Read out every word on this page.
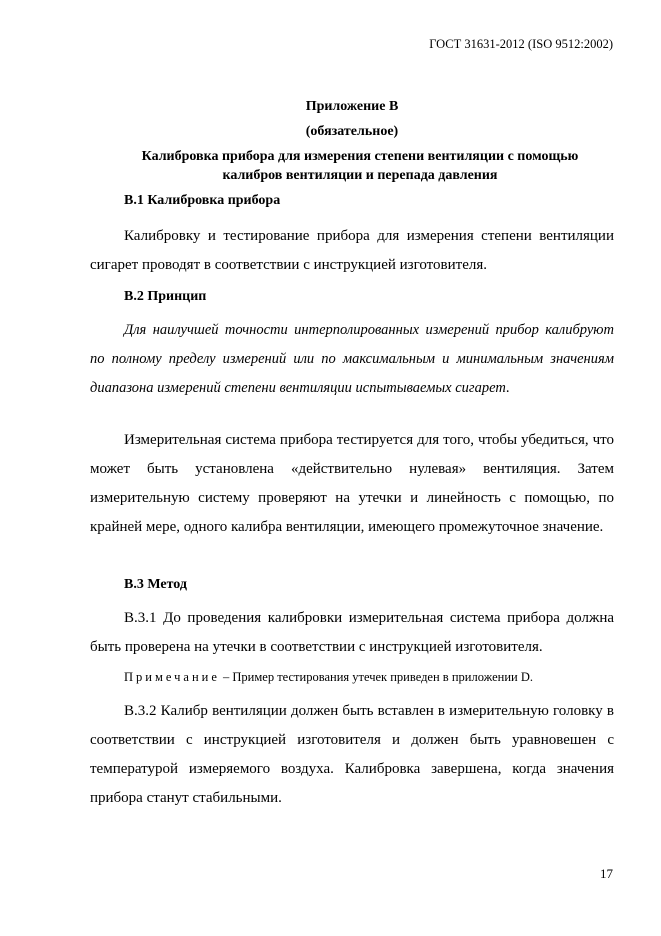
ГОСТ 31631-2012 (ISO 9512:2002)
Приложение В
(обязательное)
Калибровка прибора для измерения степени вентиляции с помощью калибров вентиляции и перепада давления
В.1 Калибровка прибора

Калибровку и тестирование прибора для измерения степени вентиляции сигарет проводят в соответствии с инструкцией изготовителя.

В.2 Принцип

Для наилучшей точности интерполированных измерений прибор калибруют по полному пределу измерений или по максимальным и минимальным значениям диапазона измерений степени вентиляции испытываемых сигарет.

Измерительная система прибора тестируется для того, чтобы убедиться, что может быть установлена «действительно нулевая» вентиляция. Затем измерительную систему проверяют на утечки и линейность с помощью, по крайней мере, одного калибра вентиляции, имеющего промежуточное значение.

В.3 Метод

В.3.1 До проведения калибровки измерительная система прибора должна быть проверена на утечки в соответствии с инструкцией изготовителя.

Примечание – Пример тестирования утечек приведен в приложении D.

В.3.2 Калибр вентиляции должен быть вставлен в измерительную головку в соответствии с инструкцией изготовителя и должен быть уравновешен с температурой измеряемого воздуха. Калибровка завершена, когда значения прибора станут стабильными.

17
